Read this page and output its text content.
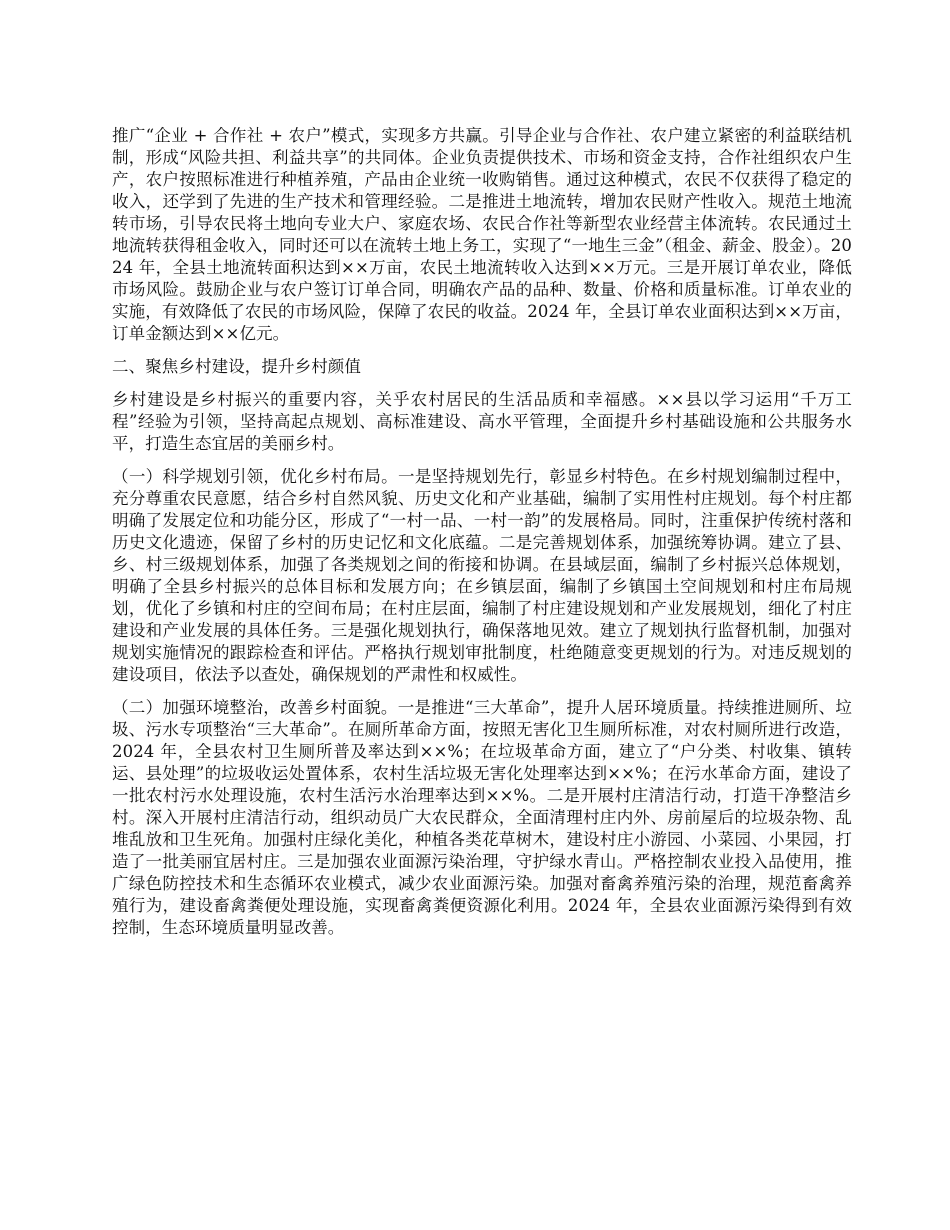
推广“企业 + 合作社 + 农户”模式，实现多方共赢。引导企业与合作社、农户建立紧密的利益联结机制，形成“风险共担、利益共享”的共同体。企业负责提供技术、市场和资金支持，合作社组织农户生产，农户按照标准进行种植养殖，产品由企业统一收购销售。通过这种模式，农民不仅获得了稳定的收入，还学到了先进的生产技术和管理经验。二是推进土地流转，增加农民财产性收入。规范土地流转市场，引导农民将土地向专业大户、家庭农场、农民合作社等新型农业经营主体流转。农民通过土地流转获得租金收入，同时还可以在流转土地上务工，实现了“一地生三金”（租金、薪金、股金）。2024 年，全县土地流转面积达到××万亩，农民土地流转收入达到××万元。三是开展订单农业，降低市场风险。鼓励企业与农户签订订单合同，明确农产品的品种、数量、价格和质量标准。订单农业的实施，有效降低了农民的市场风险，保障了农民的收益。2024 年，全县订单农业面积达到××万亩，订单金额达到××亿元。

二、聚焦乡村建设，提升乡村颜值

乡村建设是乡村振兴的重要内容，关乎农村居民的生活品质和幸福感。××县以学习运用“千万工程”经验为引领，坚持高起点规划、高标准建设、高水平管理，全面提升乡村基础设施和公共服务水平，打造生态宜居的美丽乡村。

（一）科学规划引领，优化乡村布局。一是坚持规划先行，彰显乡村特色。在乡村规划编制过程中，充分尊重农民意愿，结合乡村自然风貌、历史文化和产业基础，编制了实用性村庄规划。每个村庄都明确了发展定位和功能分区，形成了“一村一品、一村一韵”的发展格局。同时，注重保护传统村落和历史文化遗迹，保留了乡村的历史记忆和文化底蕴。二是完善规划体系，加强统筹协调。建立了县、乡、村三级规划体系，加强了各类规划之间的衔接和协调。在县域层面，编制了乡村振兴总体规划，明确了全县乡村振兴的总体目标和发展方向；在乡镇层面，编制了乡镇国土空间规划和村庄布局规划，优化了乡镇和村庄的空间布局；在村庄层面，编制了村庄建设规划和产业发展规划，细化了村庄建设和产业发展的具体任务。三是强化规划执行，确保落地见效。建立了规划执行监督机制，加强对规划实施情况的跟踪检查和评估。严格执行规划审批制度，杜绝随意变更规划的行为。对违反规划的建设项目，依法予以查处，确保规划的严肃性和权威性。

（二）加强环境整治，改善乡村面貌。一是推进“三大革命”，提升人居环境质量。持续推进厕所、垃圾、污水专项整治“三大革命”。在厕所革命方面，按照无害化卫生厕所标准，对农村厕所进行改造，2024 年，全县农村卫生厕所普及率达到××%；在垃圾革命方面，建立了“户分类、村收集、镇转运、县处理”的垃圾收运处置体系，农村生活垃圾无害化处理率达到××%；在污水革命方面，建设了一批农村污水处理设施，农村生活污水治理率达到××%。二是开展村庄清洁行动，打造干净整洁乡村。深入开展村庄清洁行动，组织动员广大农民群众，全面清理村庄内外、房前屋后的垃圾杂物、乱堆乱放和卫生死角。加强村庄绿化美化，种植各类花草树木，建设村庄小游园、小菜园、小果园，打造了一批美丽宜居村庄。三是加强农业面源污染治理，守护绿水青山。严格控制农业投入品使用，推广绿色防控技术和生态循环农业模式，减少农业面源污染。加强对畜禽养殖污染的治理，规范畜禽养殖行为，建设畜禽粪便处理设施，实现畜禽粪便资源化利用。2024 年，全县农业面源污染得到有效控制，生态环境质量明显改善。
